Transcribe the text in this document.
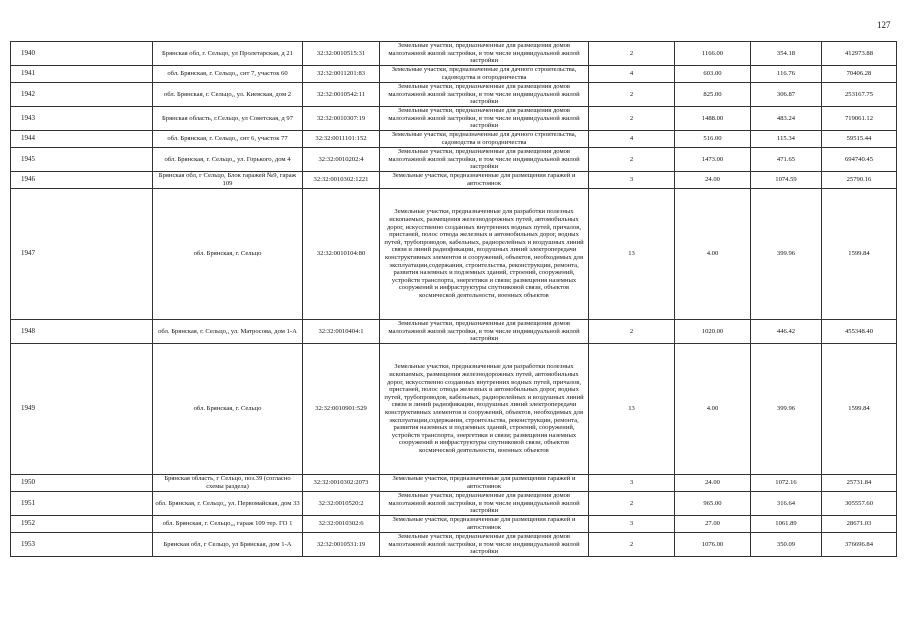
127
1940	Брянская обл, г. Сельцо, ул Пролетарская, д 21	32:32:0010515:31	Земельные участки, предназначенные для размещения домов малоэтажной жилой застройки, в том числе индивидуальной жилой застройки	2	1166.00	354.18	412973.88
1941	обл. Брянская, г. Сельцо,, снт 7, участок 60	32:32:0011201:83	Земельные участки, предназначенные для дачного строительства, садоводства и огородничества	4	603.00	116.76	70406.28
1942	обл. Брянская, г. Сельцо,, ул. Киевская, дом 2	32:32:0010542:11	Земельные участки, предназначенные для размещения домов малоэтажной жилой застройки, в том числе индивидуальной жилой застройки	2	825.00	306.87	253167.75
1943	Брянская область, г.Сельцо, ул Советская, д 97	32:32:0010307:19	Земельные участки, предназначенные для размещения домов малоэтажной жилой застройки, в том числе индивидуальной жилой застройки	2	1488.00	483.24	719061.12
1944	обл. Брянская, г. Сельцо,, снт 6, участок 77	32:32:0011101:152	Земельные участки, предназначенные для дачного строительства, садоводства и огородничества	4	516.00	115.34	59515.44
1945	обл. Брянская, г. Сельцо,, ул. Горького, дом 4	32:32:0010202:4	Земельные участки, предназначенные для размещения домов малоэтажной жилой застройки, в том числе индивидуальной жилой застройки	2	1473.00	471.65	694740.45
1946	Брянская обл, г Сельцо, Блок гаражей №9, гараж 109	32:32:0010302:1221	Земельные участки, предназначенные для размещения гаражей и автостоянок	3	24.00	1074.59	25790.16
1947	обл. Брянская, г. Сельцо	32:32:0010104:80	Земельные участки, предназначенные для разработки полезных ископаемых, размещения железнодорожных путей, автомобильных дорог, искусственно созданных внутренних водных путей, причалов, пристаней, полос отвода железных и автомобильных дорог, водных путей, трубопроводов, кабельных, радиорелейных и воздушных линий связи и линий радиофикации, воздушных линий электропередачи конструктивных элементов и сооружений, объектов, необходимых для эксплуатации,содержания, строительства, реконструкции, ремонта, развития наземных и подземных зданий, строений, сооружений, устройств транспорта, энергетики и связи; размещения наземных сооружений и инфраструктуры спутниковой связи, объектов космической деятельности, военных объектов	13	4.00	399.96	1599.84
1948	обл. Брянская, г. Сельцо,, ул. Матросова, дом 1-А	32:32:0010404:1	Земельные участки, предназначенные для размещения домов малоэтажной жилой застройки, в том числе индивидуальной жилой застройки	2	1020.00	446.42	455348.40
1949	обл. Брянская, г. Сельцо	32:32:0010901:529	Земельные участки, предназначенные для разработки полезных ископаемых, размещения железнодорожных путей, автомобильных дорог, искусственно созданных внутренних водных путей, причалов, пристаней, полос отвода железных и автомобильных дорог, водных путей, трубопроводов, кабельных, радиорелейных и воздушных линий связи и линий радиофикации, воздушных линий электропередачи конструктивных элементов и сооружений, объектов, необходимых для эксплуатации,содержания, строительства, реконструкции, ремонта, развития наземных и подземных зданий, строений, сооружений, устройств транспорта, энергетики и связи; размещения наземных сооружений и инфраструктуры спутниковой связи, объектов космической деятельности, военных объектов	13	4.00	399.96	1599.84
1950	Брянская область, г Сельцо, поз.39 (согласно схемы раздела)	32:32:0010302:2073	Земельные участки, предназначенные для размещения гаражей и автостоянок	3	24.00	1072.16	25731.84
1951	обл. Брянская, г. Сельцо,, ул. Первомайская, дом 33	32:32:0010520:2	Земельные участки, предназначенные для размещения домов малоэтажной жилой застройки, в том числе индивидуальной жилой застройки	2	965.00	316.64	305557.60
1952	обл. Брянская, г. Сельцо,,, гараж 109 тер. ГО 1	32:32:0010302:6	Земельные участки, предназначенные для размещения гаражей и автостоянок	3	27.00	1061.89	28671.03
1953	Брянская обл, г Сельцо, ул Брянская, дом 1-А	32:32:0010531:19	Земельные участки, предназначенные для размещения домов малоэтажной жилой застройки, в том числе индивидуальной жилой застройки	2	1076.00	350.09	376696.84
